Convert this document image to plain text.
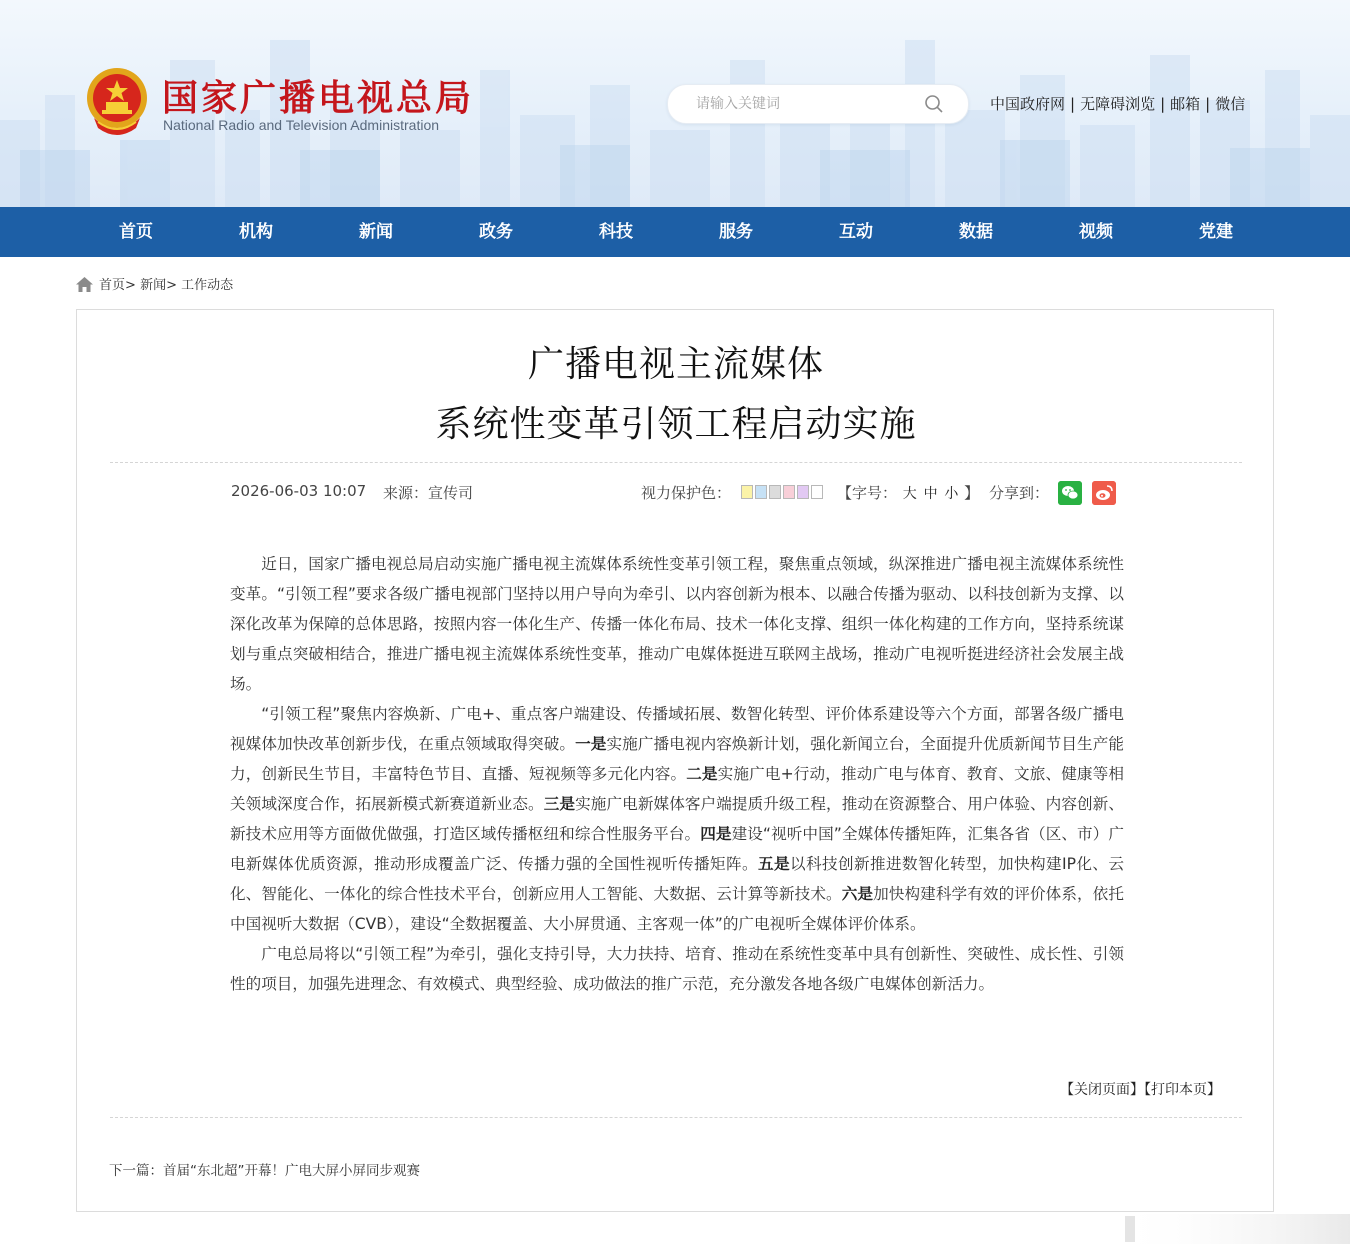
国家广播电视总局
National Radio and Television Administration
请输入关键词
中国政府网 | 无障碍浏览 | 邮箱 | 微信
首页	机构	新闻	政务	科技	服务	互动	数据	视频	党建
首页> 新闻> 工作动态
广播电视主流媒体
系统性变革引领工程启动实施
2026-06-03 10:07 来源：宣传司	视力保护色：	【字号： 大 中 小 】 分享到：

近日，国家广播电视总局启动实施广播电视主流媒体系统性变革引领工程，聚焦重点领域，纵深推进广播电视主流媒体系统性变革。“引领工程”要求各级广播电视部门坚持以用户导向为牵引、以内容创新为根本、以融合传播为驱动、以科技创新为支撑、以深化改革为保障的总体思路，按照内容一体化生产、传播一体化布局、技术一体化支撑、组织一体化构建的工作方向，坚持系统谋划与重点突破相结合，推进广播电视主流媒体系统性变革，推动广电媒体挺进互联网主战场，推动广电视听挺进经济社会发展主战场。

“引领工程”聚焦内容焕新、广电+、重点客户端建设、传播域拓展、数智化转型、评价体系建设等六个方面，部署各级广播电视媒体加快改革创新步伐，在重点领域取得突破。一是实施广播电视内容焕新计划，强化新闻立台，全面提升优质新闻节目生产能力，创新民生节目，丰富特色节目、直播、短视频等多元化内容。二是实施广电+行动，推动广电与体育、教育、文旅、健康等相关领域深度合作，拓展新模式新赛道新业态。三是实施广电新媒体客户端提质升级工程，推动在资源整合、用户体验、内容创新、新技术应用等方面做优做强，打造区域传播枢纽和综合性服务平台。四是建设“视听中国”全媒体传播矩阵，汇集各省（区、市）广电新媒体优质资源，推动形成覆盖广泛、传播力强的全国性视听传播矩阵。五是以科技创新推进数智化转型，加快构建IP化、云化、智能化、一体化的综合性技术平台，创新应用人工智能、大数据、云计算等新技术。六是加快构建科学有效的评价体系，依托中国视听大数据（CVB），建设“全数据覆盖、大小屏贯通、主客观一体”的广电视听全媒体评价体系。

广电总局将以“引领工程”为牵引，强化支持引导，大力扶持、培育、推动在系统性变革中具有创新性、突破性、成长性、引领性的项目，加强先进理念、有效模式、典型经验、成功做法的推广示范，充分激发各地各级广电媒体创新活力。

【关闭页面】【打印本页】
下一篇：首届“东北超”开幕！广电大屏小屏同步观赛
